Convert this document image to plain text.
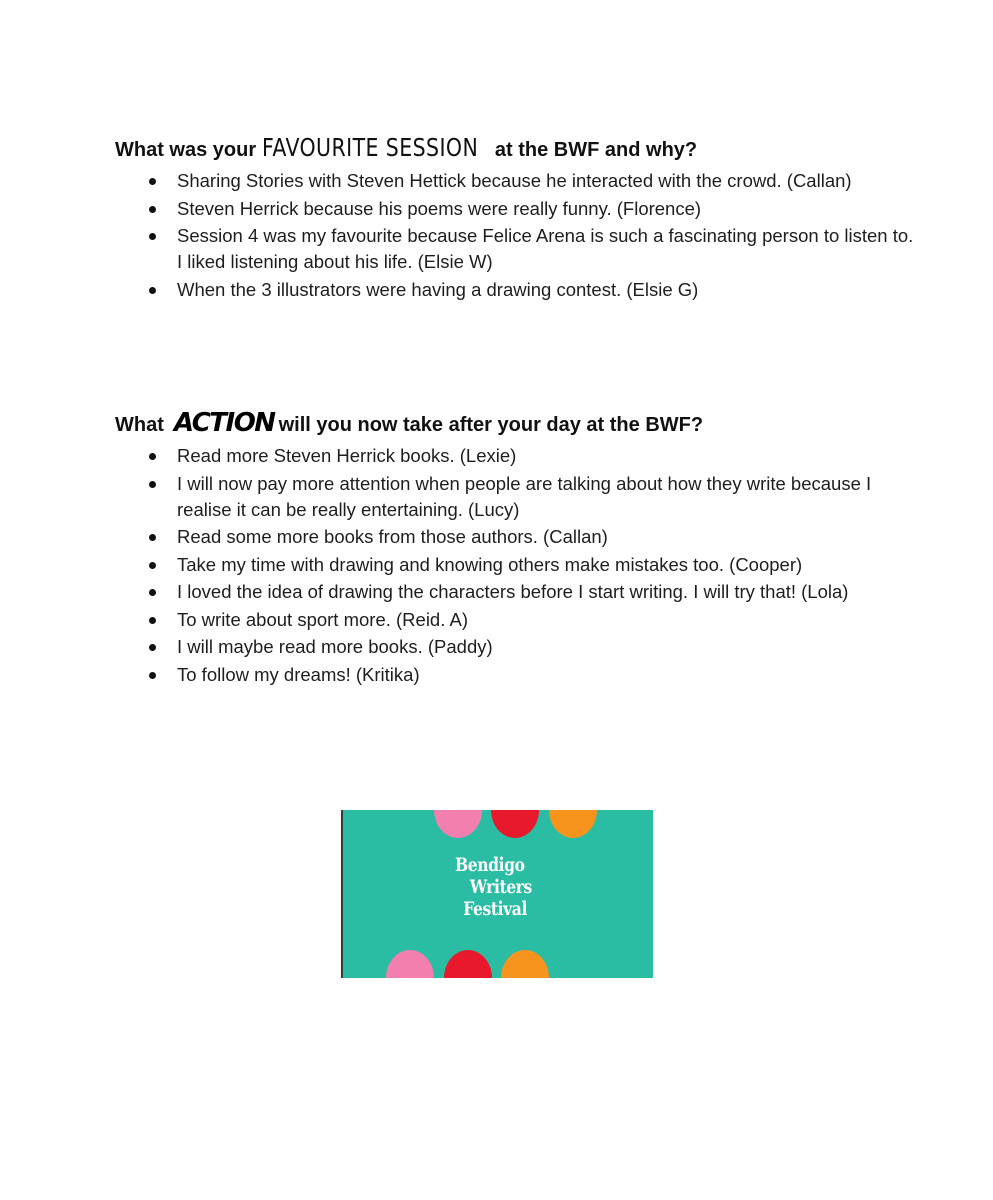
What was your FAVOURITE SESSION at the BWF and why?
Sharing Stories with Steven Hettick because he interacted with the crowd. (Callan)
Steven Herrick because his poems were really funny. (Florence)
Session 4 was my favourite because Felice Arena is such a fascinating person to listen to. I liked listening about his life. (Elsie W)
When the 3 illustrators were having a drawing contest. (Elsie G)
What ACTION will you now take after your day at the BWF?
Read more Steven Herrick books. (Lexie)
I will now pay more attention when people are talking about how they write because I realise it can be really entertaining. (Lucy)
Read some more books from those authors. (Callan)
Take my time with drawing and knowing others make mistakes too. (Cooper)
I loved the idea of drawing the characters before I start writing. I will try that! (Lola)
To write about sport more. (Reid. A)
I will maybe read more books. (Paddy)
To follow my dreams! (Kritika)
Bendigo
Writers
Festival
